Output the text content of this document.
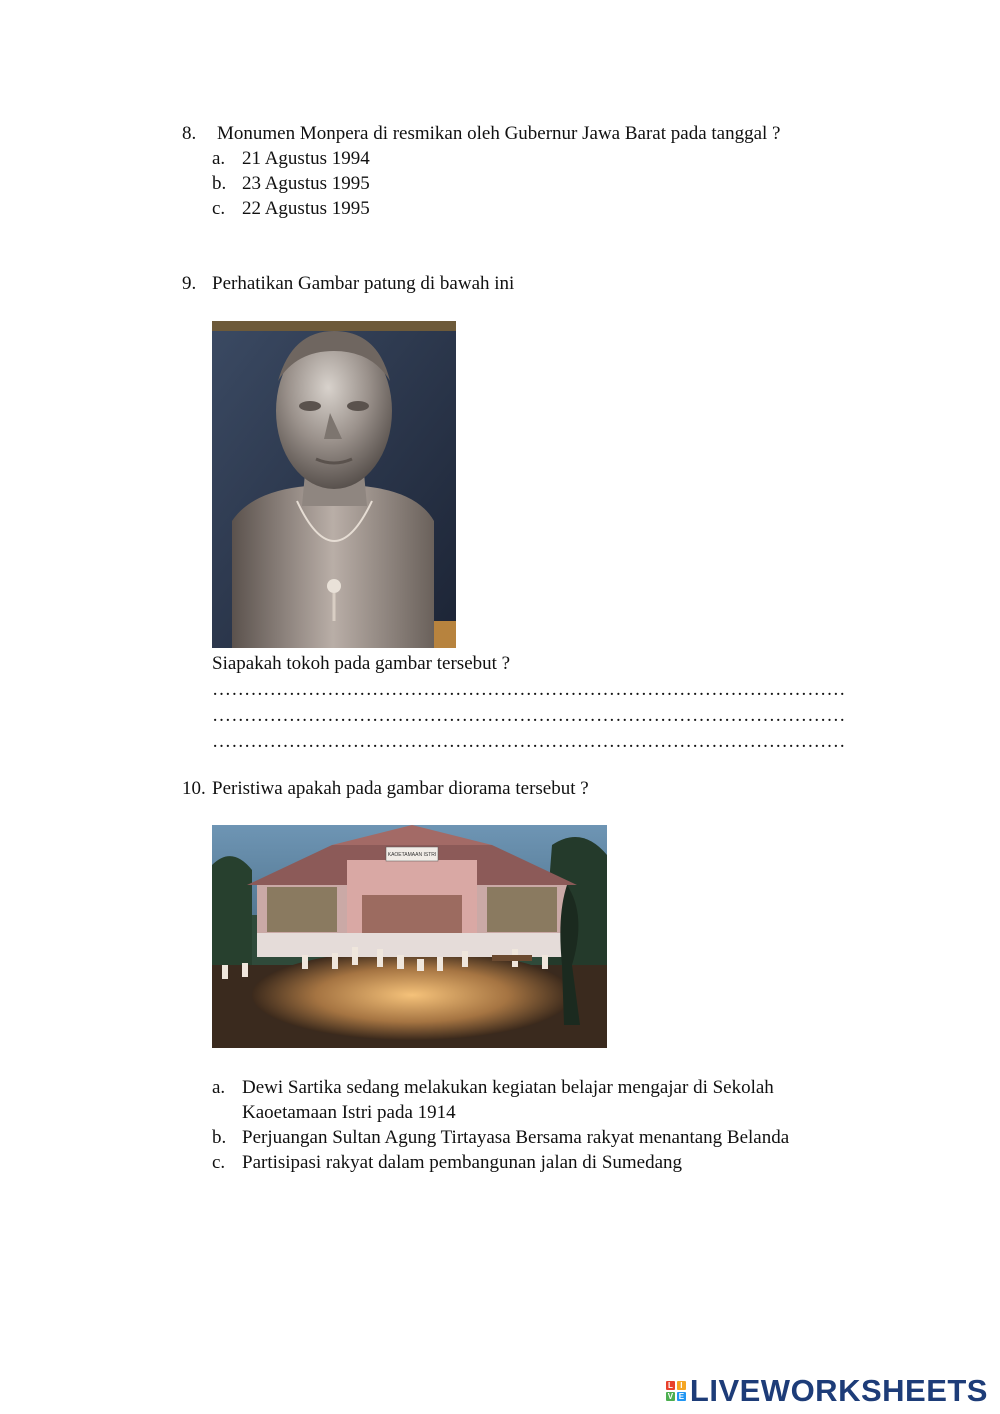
8. Monumen Monpera di resmikan oleh Gubernur Jawa Barat pada tanggal ?
a. 21 Agustus 1994
b. 23 Agustus 1995
c. 22 Agustus 1995
9. Perhatikan Gambar patung di bawah ini
Siapakah tokoh pada gambar tersebut ?
………………………………………………………………………………………
………………………………………………………………………………………
………………………………………………………………………………………
10. Peristiwa apakah pada gambar diorama tersebut ?
KAOETAMAAN ISTRI
a. Dewi Sartika sedang melakukan kegiatan belajar mengajar di Sekolah
Kaoetamaan Istri pada 1914
b. Perjuangan Sultan Agung Tirtayasa Bersama rakyat menantang Belanda
c. Partisipasi rakyat dalam pembangunan jalan di Sumedang
L I
V E LIVEWORKSHEETS
